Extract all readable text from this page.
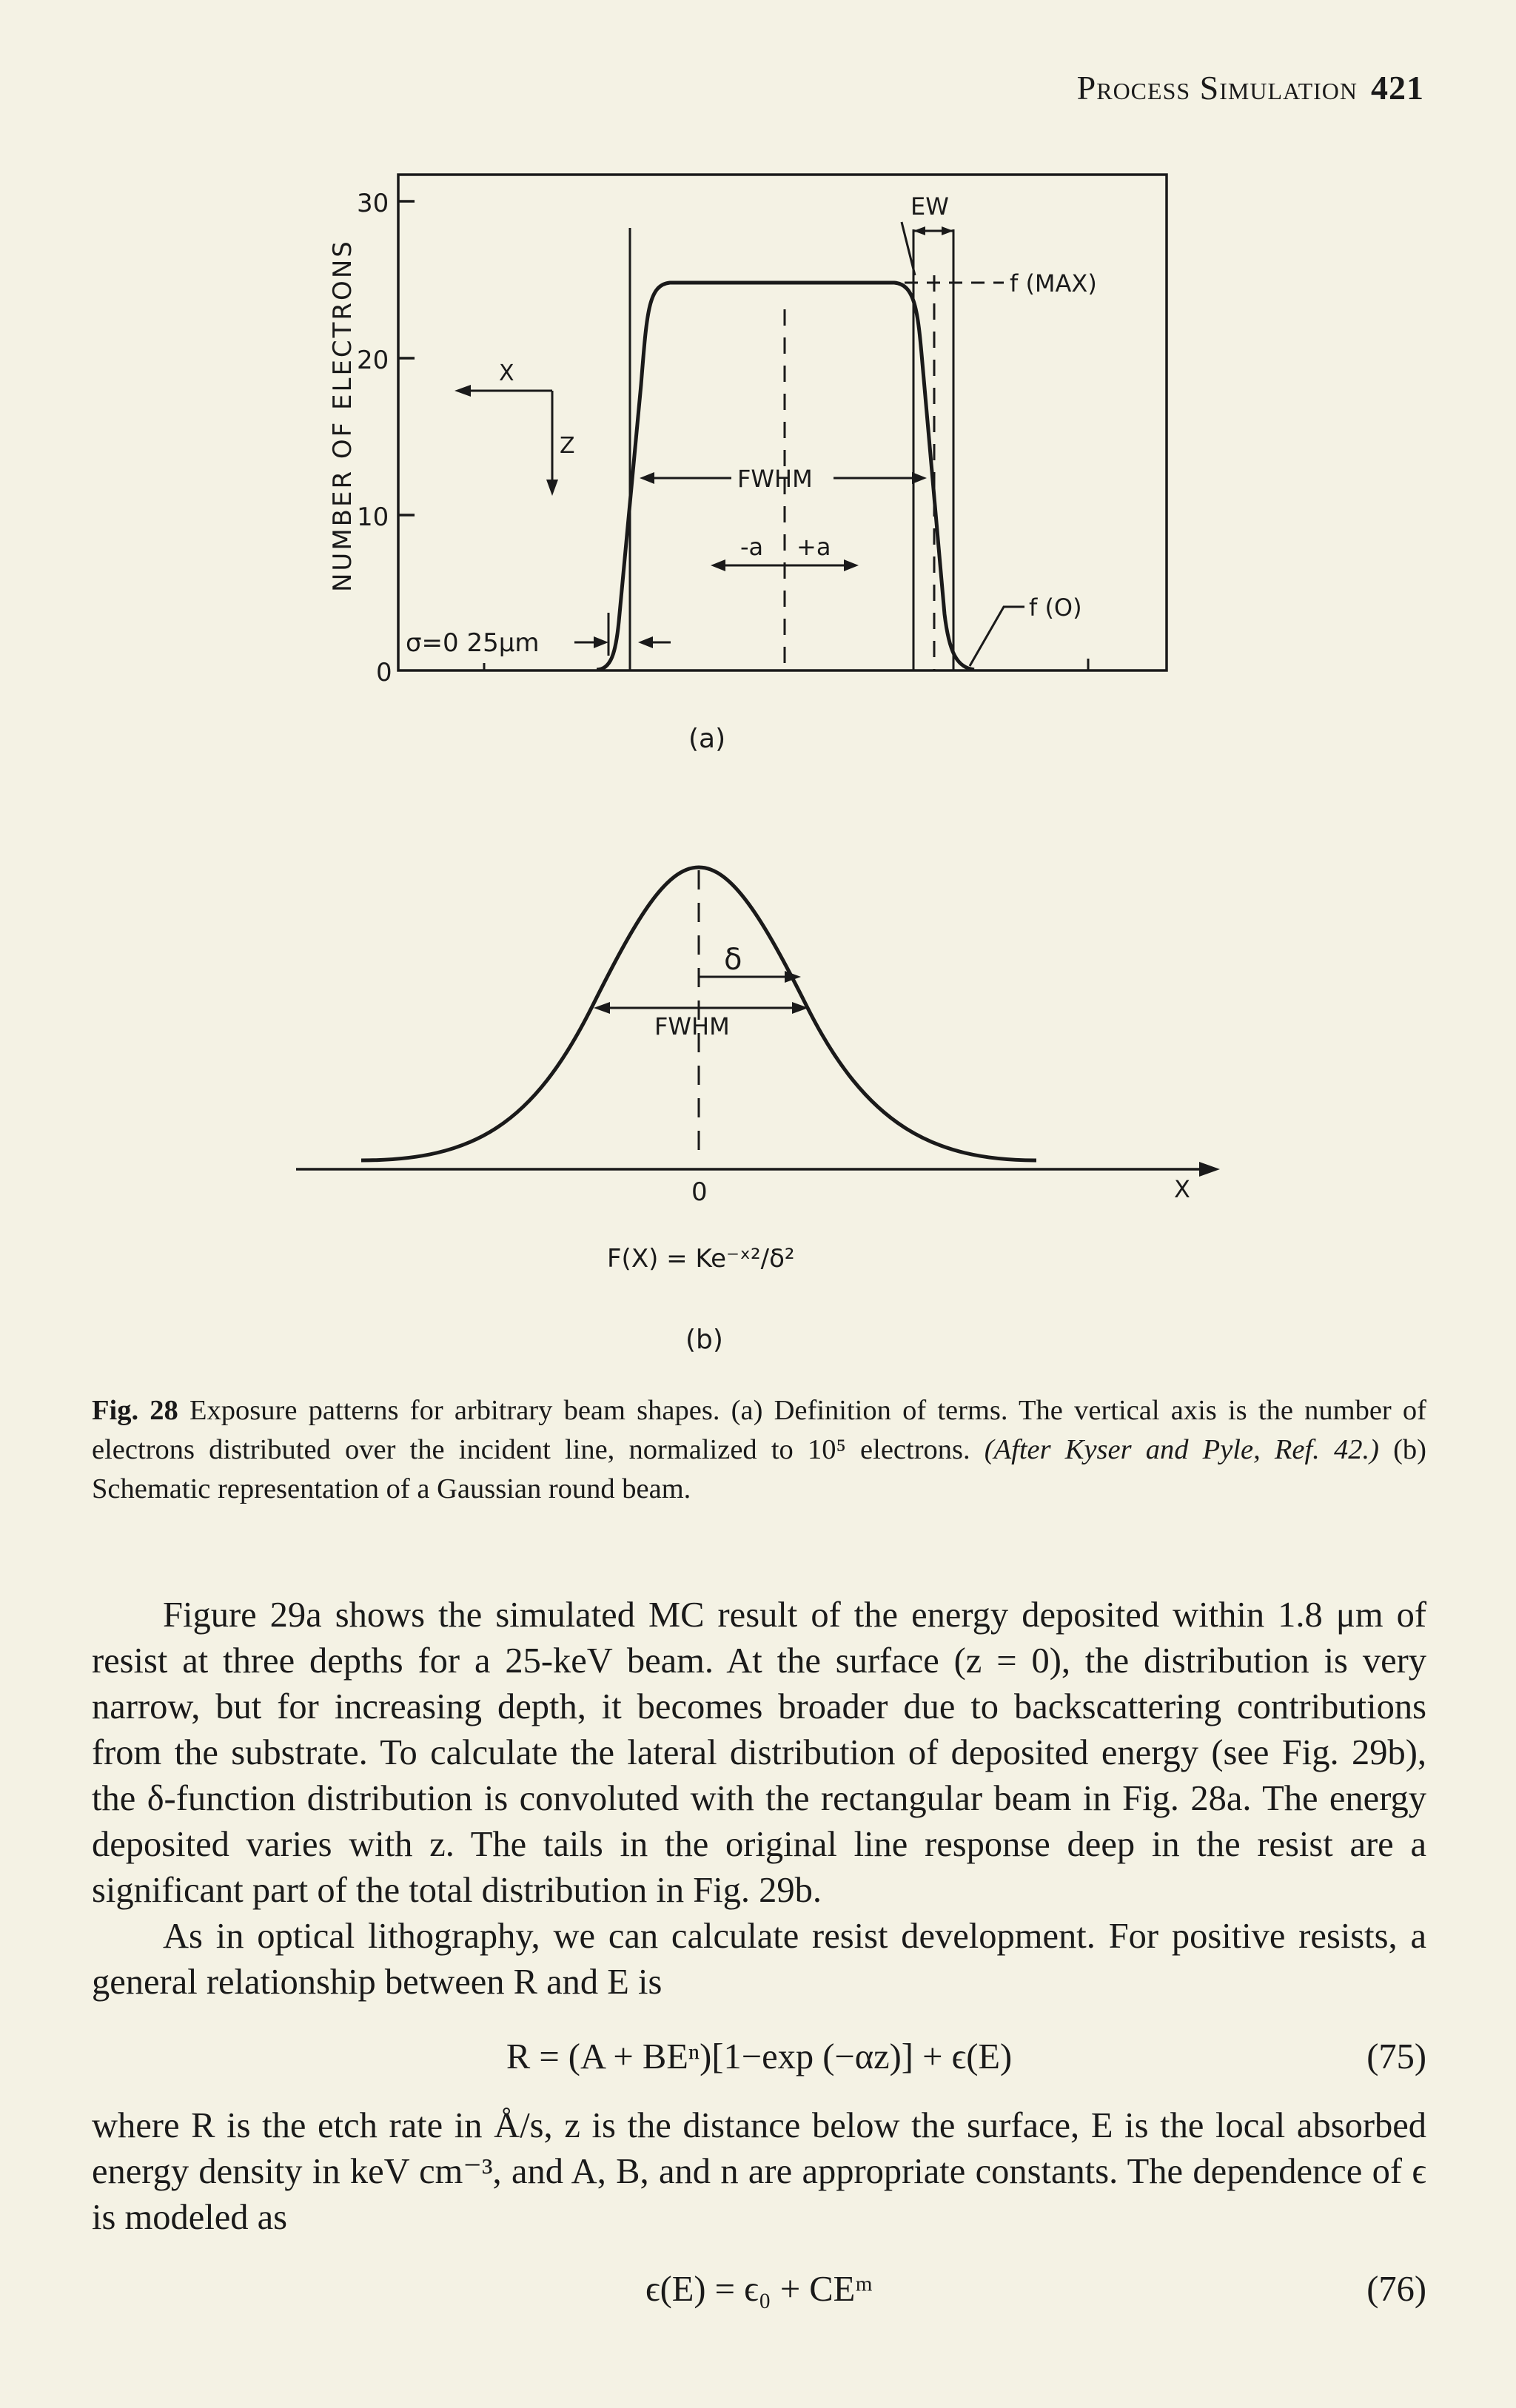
Process Simulation 421
NUMBER OF ELECTRONS
30
20
10
0
EW
f (MAX)
f (O)
X
Z
FWHM
-a +a
σ=0 25μm
(a)
δ
FWHM
0	X
F(X) = Ke⁻ˣ²/δ²
(b)
Fig. 28 Exposure patterns for arbitrary beam shapes. (a) Definition of terms. The vertical axis is the number of electrons distributed over the incident line, normalized to 10⁵ electrons. (After Kyser and Pyle, Ref. 42.) (b) Schematic representation of a Gaussian round beam.
Figure 29a shows the simulated MC result of the energy deposited within 1.8 μm of resist at three depths for a 25-keV beam. At the surface (z = 0), the distribution is very narrow, but for increasing depth, it becomes broader due to backscattering contributions from the substrate. To calculate the lateral distribution of deposited energy (see Fig. 29b), the δ-function distribution is convoluted with the rectangular beam in Fig. 28a. The energy deposited varies with z. The tails in the original line response deep in the resist are a significant part of the total distribution in Fig. 29b.
As in optical lithography, we can calculate resist development. For positive resists, a general relationship between R and E is
R = (A + BEⁿ)[1−exp (−αz)] + ϵ(E)	(75)
where R is the etch rate in Å/s, z is the distance below the surface, E is the local absorbed energy density in keV cm⁻³, and A, B, and n are appropriate constants. The dependence of ϵ is modeled as
ϵ(E) = ϵ₀ + CEᵐ	(76)
